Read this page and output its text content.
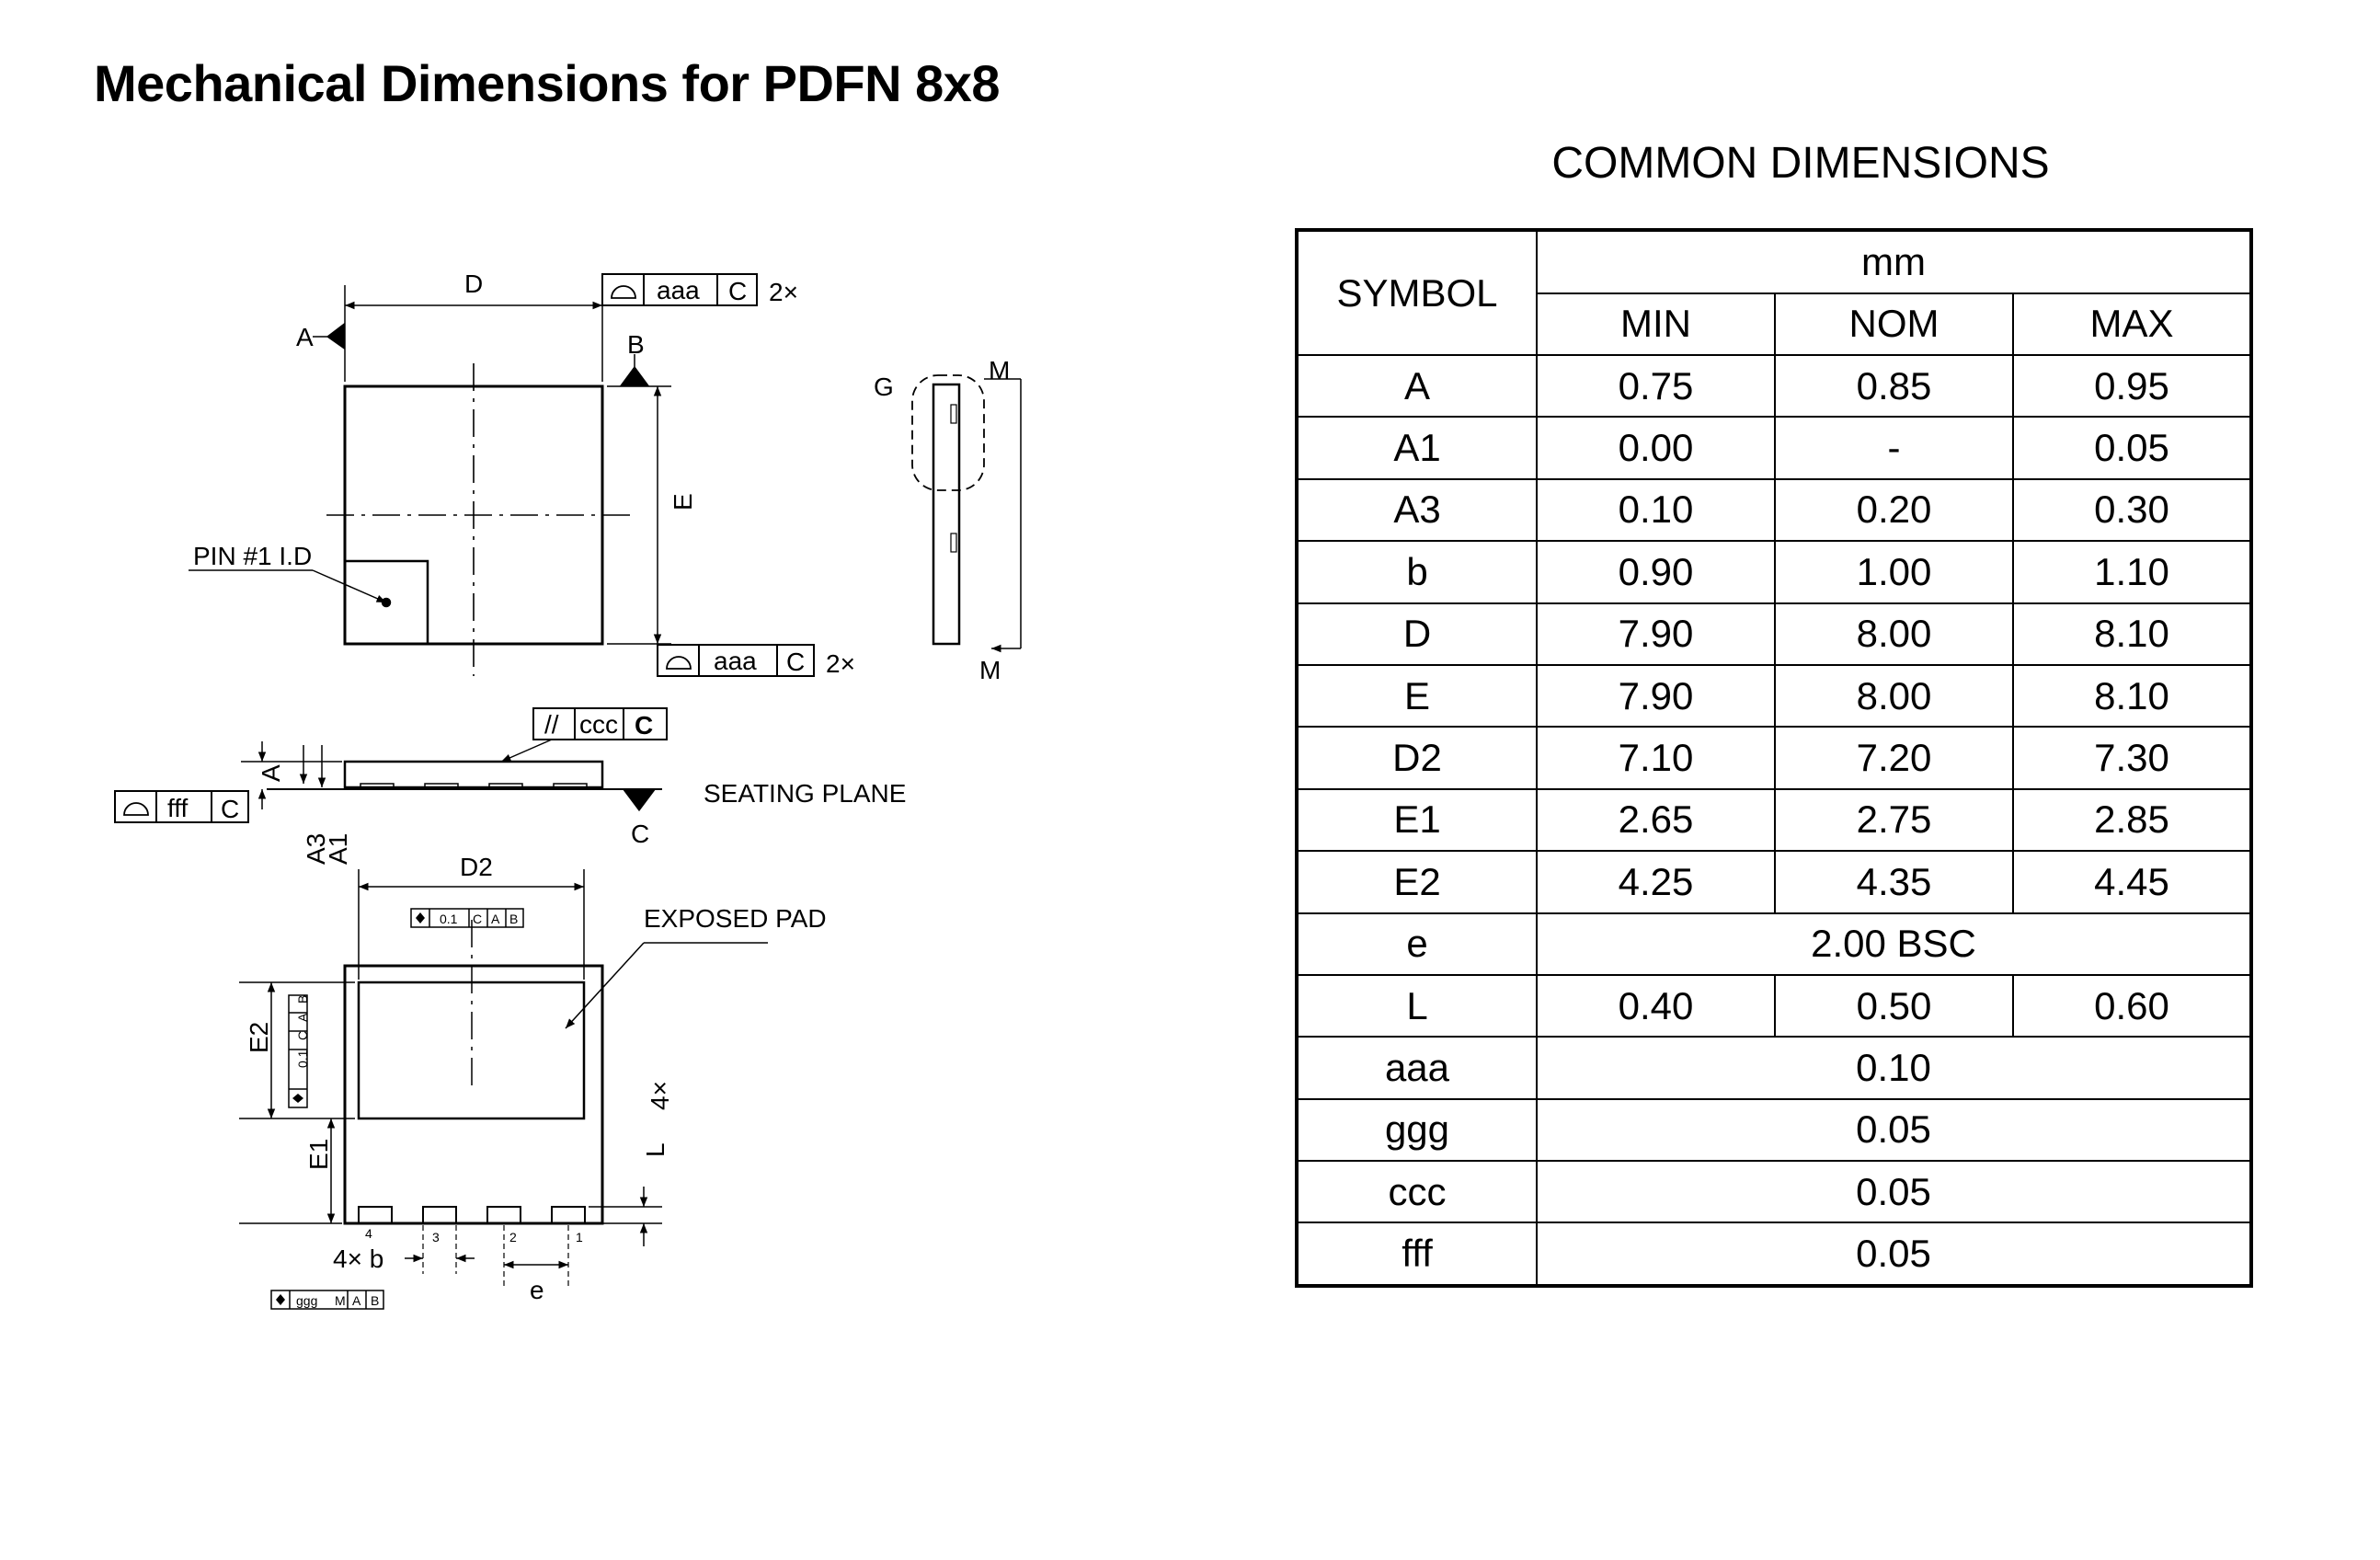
Mechanical Dimensions for PDFN 8x8
D
E
A	B
PIN #1 I.D
aaa C 2×
aaa C 2×
G
M
M
// ccc C
fff C
A
A3
A1	C
SEATING PLANE
D2
E2
E1	L
4×
4× b
e
EXPOSED PAD
4	3	2	1
0.1 C A B
0.1
C
A
B
ggg M A B
COMMON DIMENSIONS
SYMBOL	mm		
	MIN	NOM	MAX
A	0.75	0.85	0.95
A1	0.00	-	0.05
A3	0.10	0.20	0.30
b	0.90	1.00	1.10
D	7.90	8.00	8.10
E	7.90	8.00	8.10
D2	7.10	7.20	7.30
E1	2.65	2.75	2.85
E2	4.25	4.35	4.45
e	2.00 BSC		
L	0.40	0.50	0.60
aaa	0.10		
ggg	0.05		
ccc	0.05		
fff	0.05		
